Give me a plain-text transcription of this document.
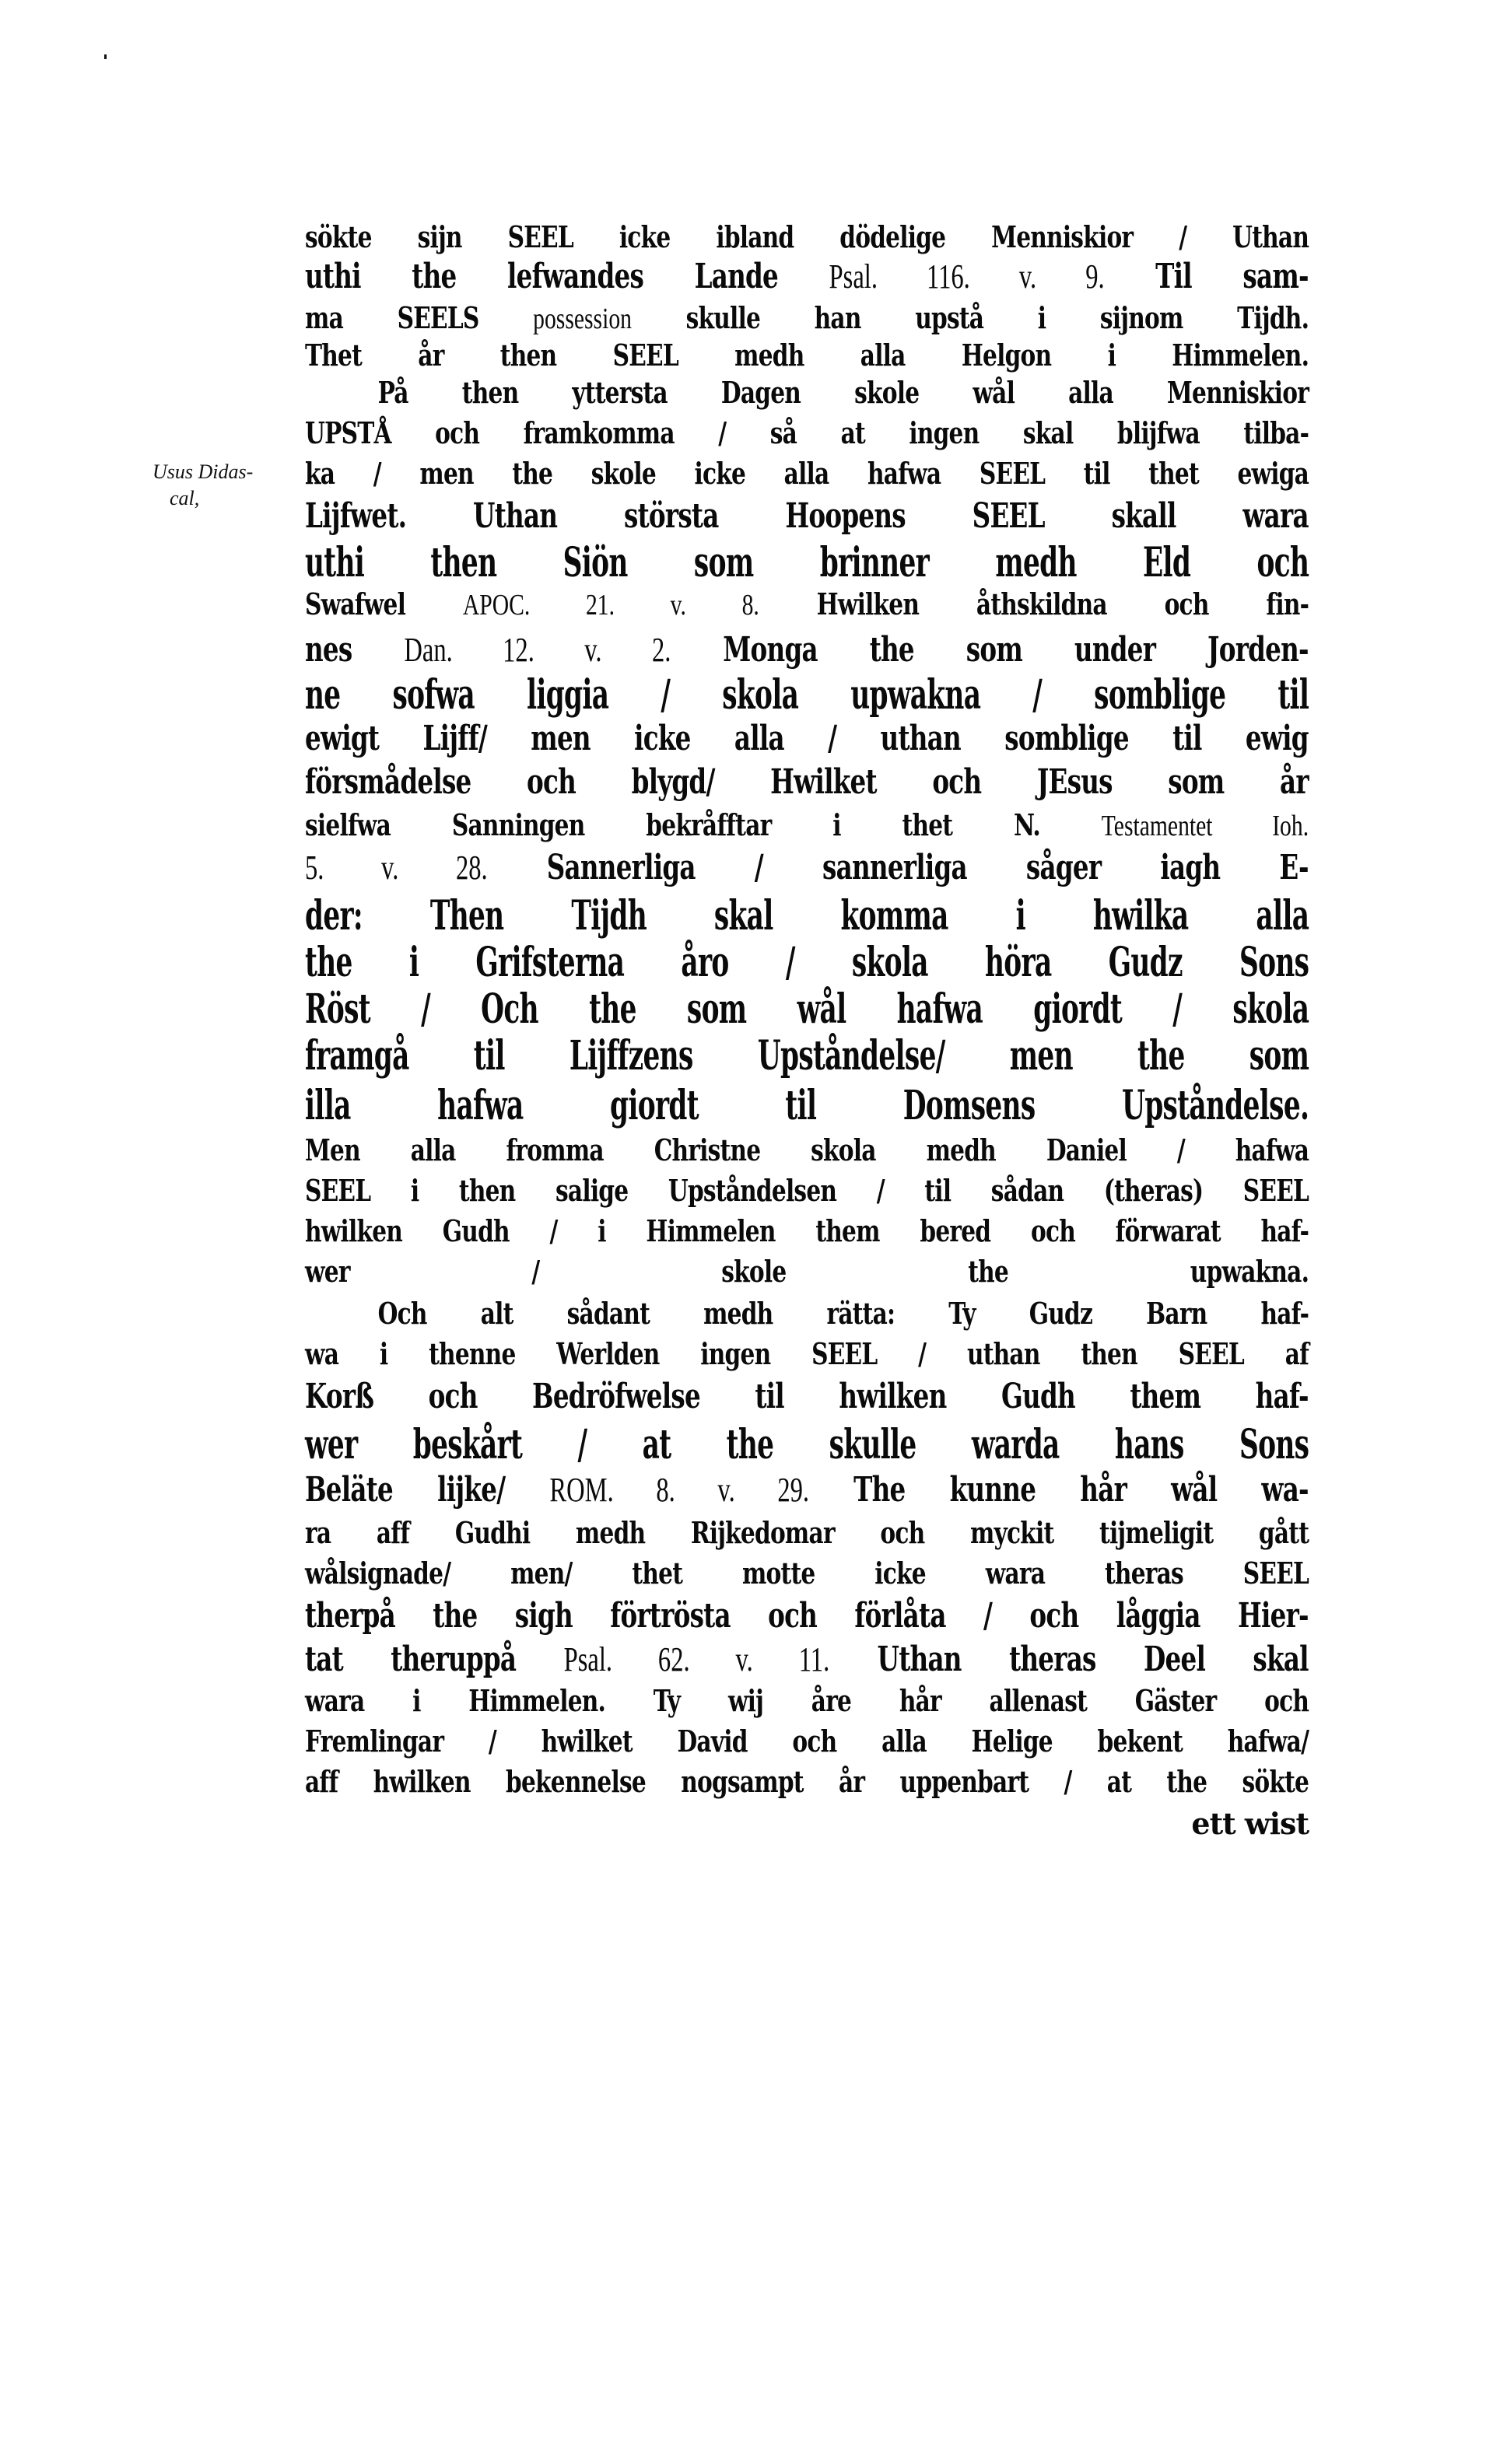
Usus Didas-
cal,
sökte sijn SEEL icke ibland dödelige Menniskior / Uthan
uthi the lefwandes Lande Psal. 116. v. 9. Til sam-
ma SEELS possession skulle han upstå i sijnom Tijdh.
Thet år then SEEL medh alla Helgon i Himmelen.
På then yttersta Dagen skole wål alla Menniskior
UPSTÅ och framkomma / så at ingen skal blijfwa tilba-
ka / men the skole icke alla hafwa SEEL til thet ewiga
Lijfwet. Uthan största Hoopens SEEL skall wara
uthi then Siön som brinner medh Eld och
Swafwel APOC. 21. v. 8. Hwilken åthskildna och fin-
nes Dan. 12. v. 2. Monga the som under Jorden-
ne sofwa liggia / skola upwakna / somblige til
ewigt Lijff/ men icke alla / uthan somblige til ewig
försmådelse och blygd/ Hwilket och JEsus som år
sielfwa Sanningen bekråfftar i thet N. Testamentet Ioh.
5. v. 28. Sannerliga / sannerliga såger iagh E-
der: Then Tijdh skal komma i hwilka alla
the i Grifsterna åro / skola höra Gudz Sons
Röst / Och the som wål hafwa giordt / skola
framgå til Lijffzens Upståndelse/ men the som
illa hafwa giordt til Domsens Upståndelse.
Men alla fromma Christne skola medh Daniel / hafwa
SEEL i then salige Upståndelsen / til sådan (theras) SEEL
hwilken Gudh / i Himmelen them bered och förwarat haf-
wer / skole the upwakna.
Och alt sådant medh rätta: Ty Gudz Barn haf-
wa i thenne Werlden ingen SEEL / uthan then SEEL af
Korß och Bedröfwelse til hwilken Gudh them haf-
wer beskårt / at the skulle warda hans Sons
Beläte lijke/ ROM. 8. v. 29. The kunne hår wål wa-
ra aff Gudhi medh Rijkedomar och myckit tijmeligit gått
wålsignade/ men/ thet motte icke wara theras SEEL
therpå the sigh förtrösta och förlåta / och låggia Hier-
tat theruppå Psal. 62. v. 11. Uthan theras Deel skal
wara i Himmelen. Ty wij åre hår allenast Gäster och
Fremlingar / hwilket David och alla Helige bekent hafwa/
aff hwilken bekennelse nogsampt år uppenbart / at the sökte
ett wist
